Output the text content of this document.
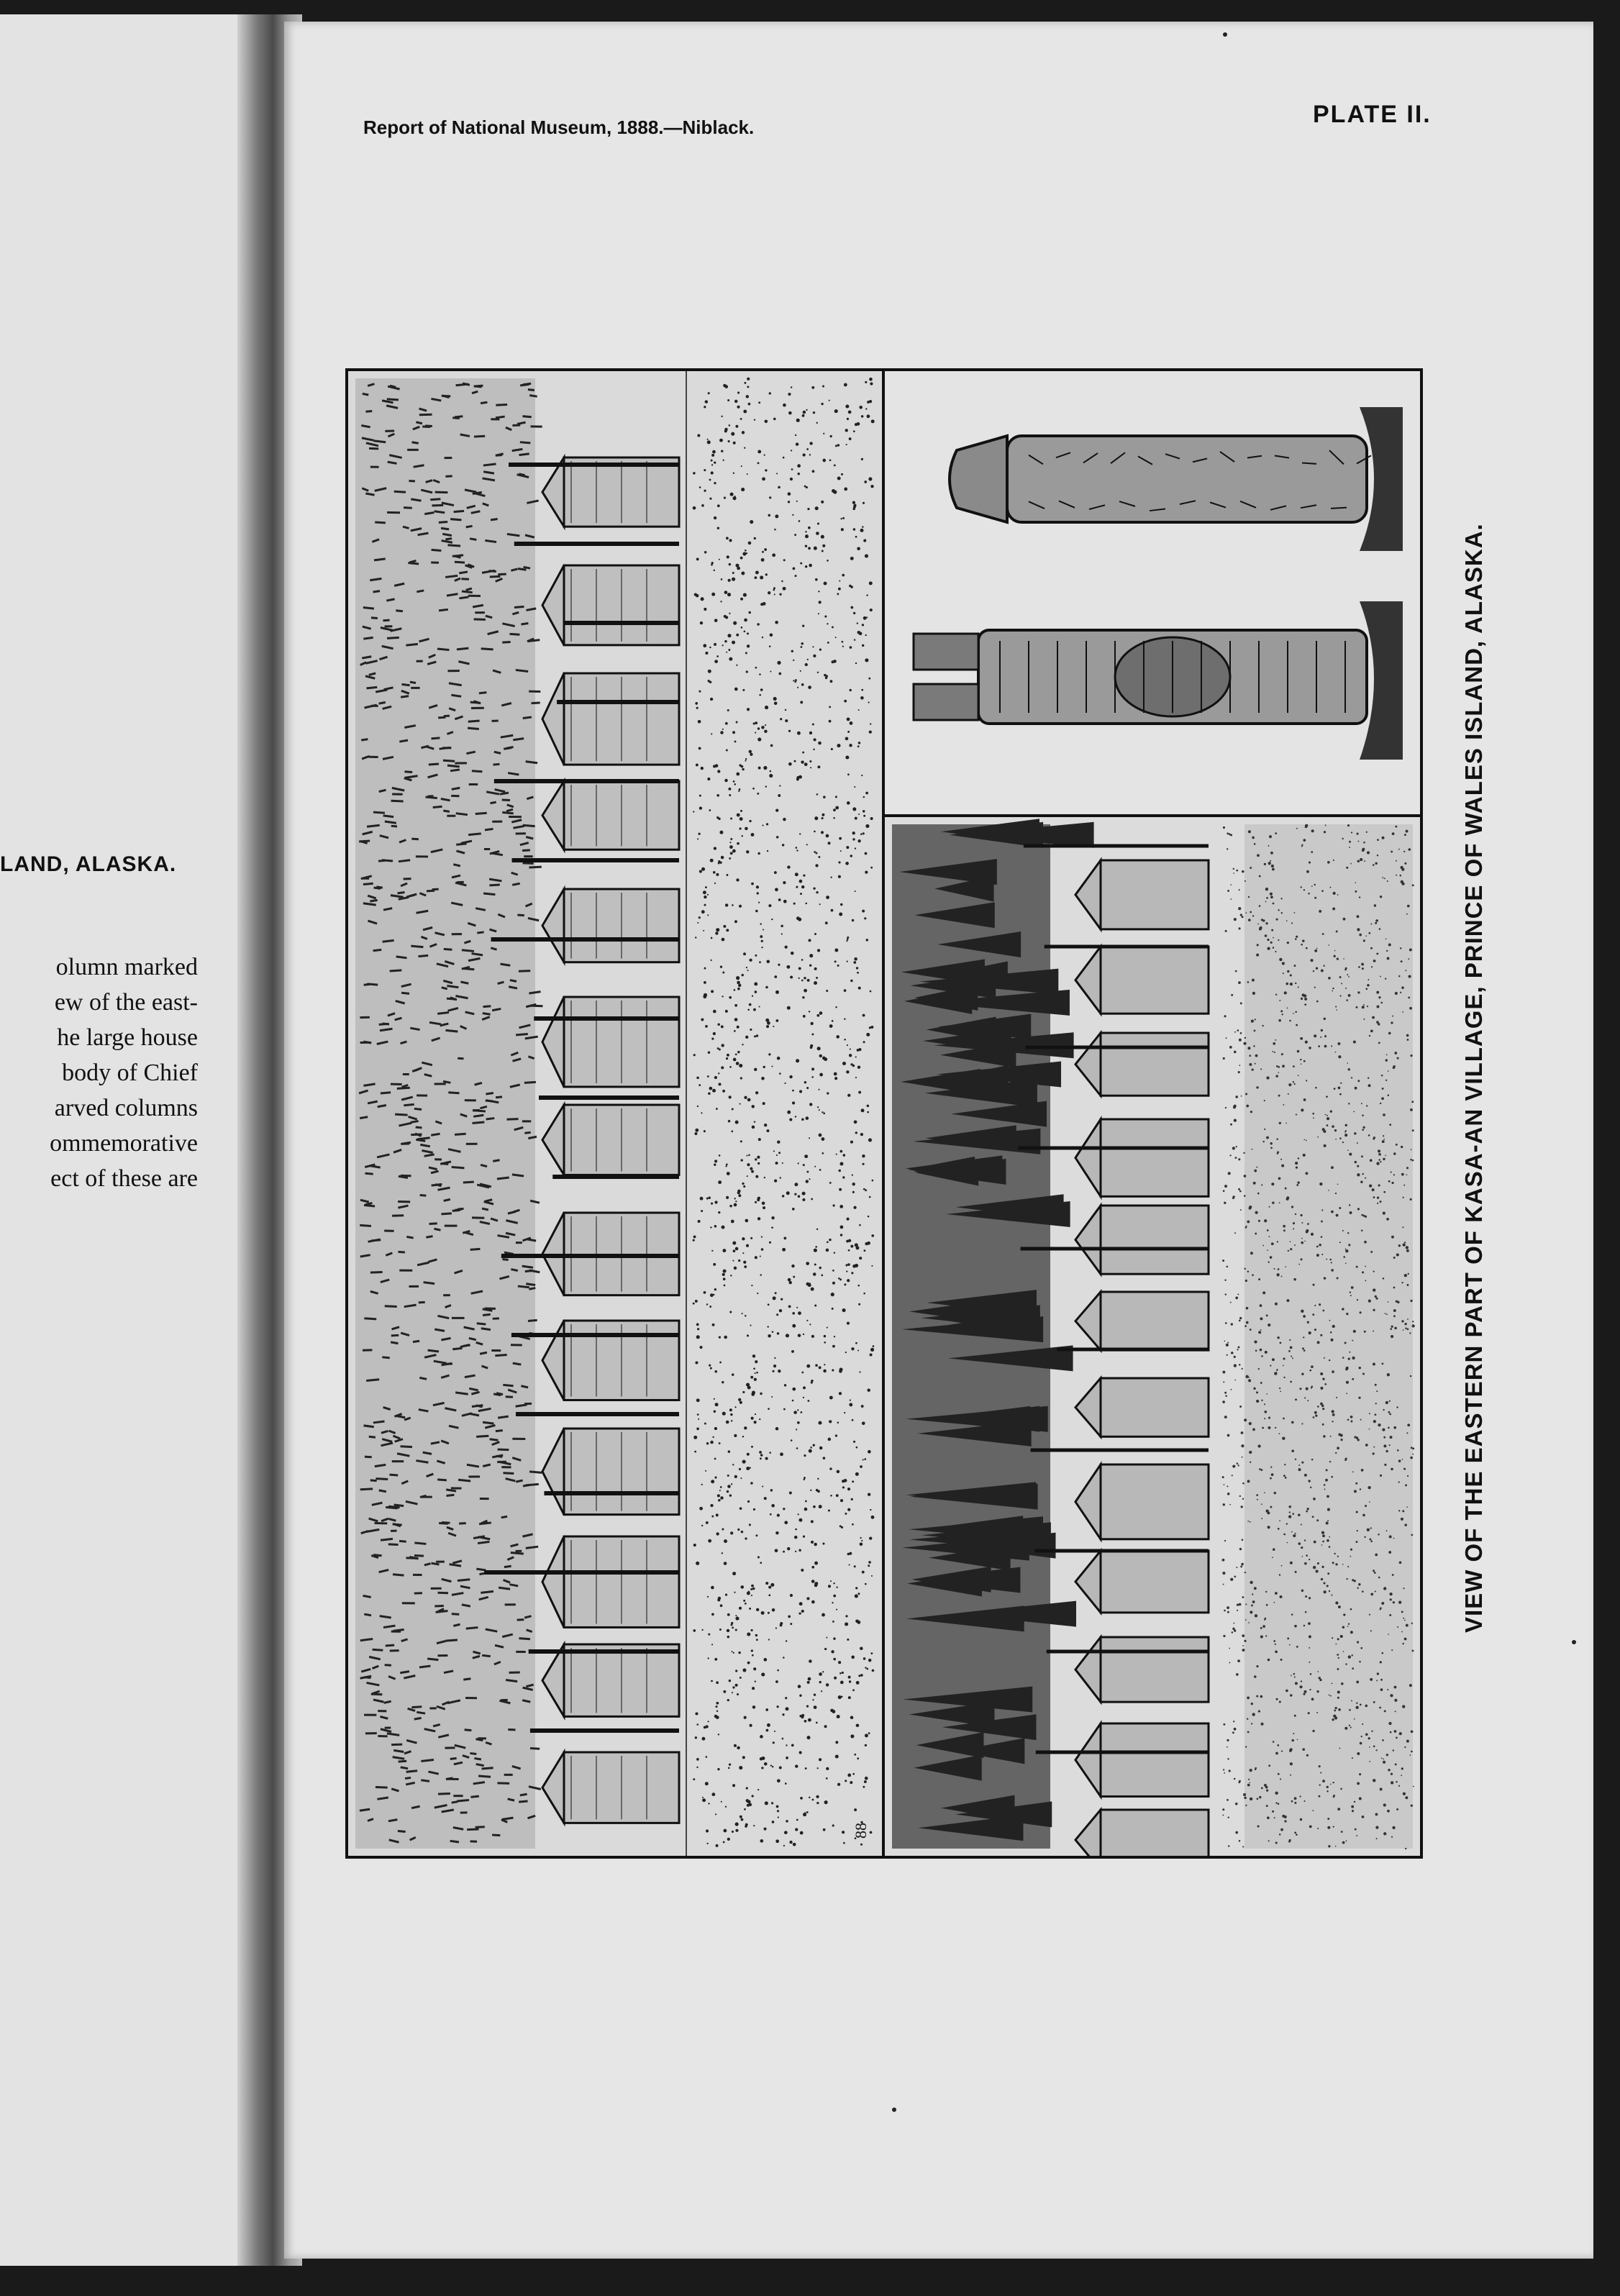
LAND, ALASKA.
olumn marked
ew of the east-
he large house
body of Chief
arved columns
ommemorative
ect of these are
Report of National Museum, 1888.—Niblack.	PLATE II.
88
VIEW OF THE EASTERN PART OF KASA-AN VILLAGE, PRINCE OF WALES ISLAND, ALASKA.
